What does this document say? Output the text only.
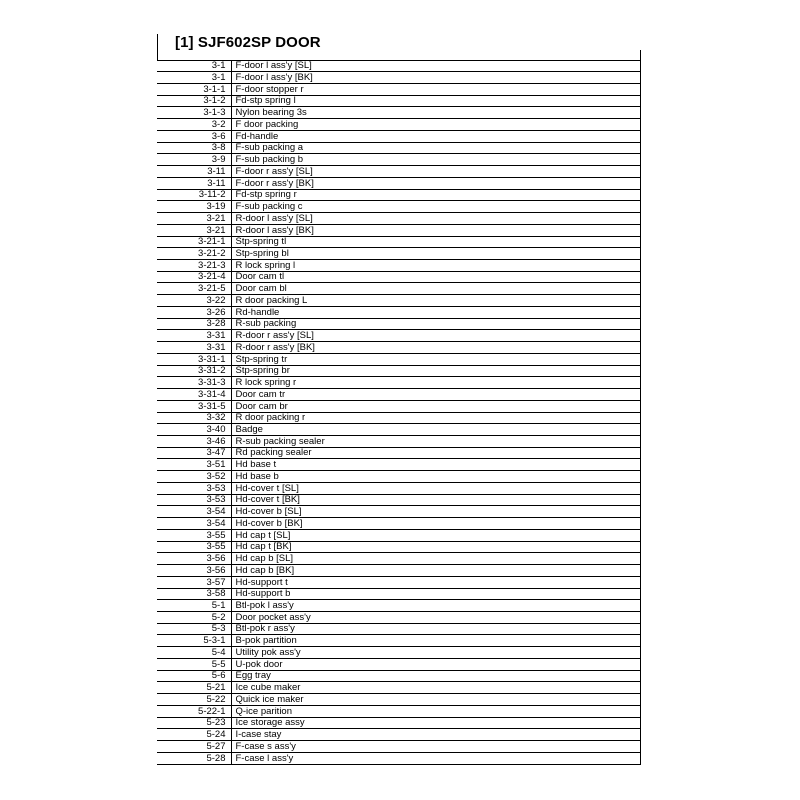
[1] SJF602SP DOOR
3-1	F-door l ass'y [SL]
3-1	F-door l ass'y [BK]
3-1-1	F-door stopper r
3-1-2	Fd-stp spring l
3-1-3	Nylon bearing 3s
3-2	F door packing
3-6	Fd-handle
3-8	F-sub packing a
3-9	F-sub packing b
3-11	F-door r ass'y [SL]
3-11	F-door r ass'y [BK]
3-11-2	Fd-stp spring r
3-19	F-sub packing c
3-21	R-door l ass'y [SL]
3-21	R-door l ass'y [BK]
3-21-1	Stp-spring tl
3-21-2	Stp-spring bl
3-21-3	R lock spring l
3-21-4	Door cam tl
3-21-5	Door cam bl
3-22	R door packing L
3-26	Rd-handle
3-28	R-sub packing
3-31	R-door r ass'y [SL]
3-31	R-door r ass'y [BK]
3-31-1	Stp-spring tr
3-31-2	Stp-spring br
3-31-3	R lock spring r
3-31-4	Door cam tr
3-31-5	Door cam br
3-32	R door packing r
3-40	Badge
3-46	R-sub packing sealer
3-47	Rd packing sealer
3-51	Hd base t
3-52	Hd base b
3-53	Hd-cover t [SL]
3-53	Hd-cover t [BK]
3-54	Hd-cover b [SL]
3-54	Hd-cover b [BK]
3-55	Hd cap t [SL]
3-55	Hd cap t [BK]
3-56	Hd cap b [SL]
3-56	Hd cap b [BK]
3-57	Hd-support t
3-58	Hd-support b
5-1	Btl-pok l ass'y
5-2	Door pocket ass'y
5-3	Btl-pok r ass'y
5-3-1	B-pok partition
5-4	Utility pok ass'y
5-5	U-pok door
5-6	Egg tray
5-21	Ice cube maker
5-22	Quick ice maker
5-22-1	Q-ice parition
5-23	Ice storage assy
5-24	I-case stay
5-27	F-case s ass'y
5-28	F-case l ass'y
